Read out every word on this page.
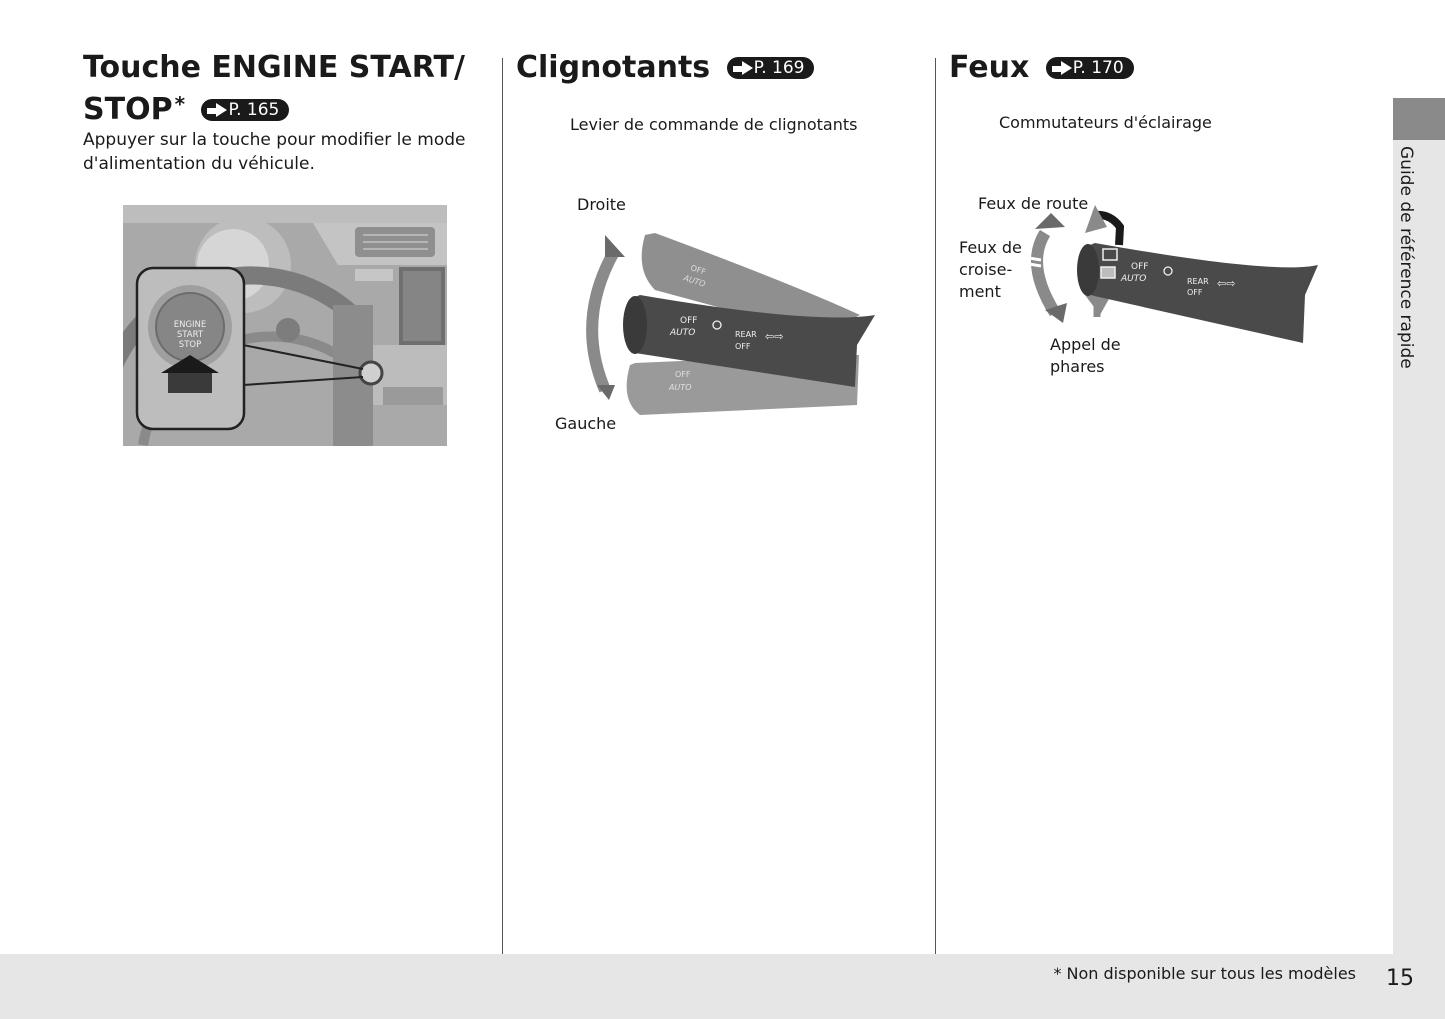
Touche ENGINE START/
STOP *	P. 165

Appuyer sur la touche pour modifier le mode
d'alimentation du véhicule.

ENGINE
START
STOP
Clignotants	P. 169
Levier de commande de clignotants
Droite
Gauche
OFF
AUTO
OFF
AUTO
OFF
AUTO	REAR
OFF
⇦⇨
Feux	P. 170
Commutateurs d'éclairage
Feux de route
Feux de
croise-
ment
Appel de
phares
OFF
AUTO	REAR
OFF
⇦⇨	Guide de référence rapide
* Non disponible sur tous les modèles 15
